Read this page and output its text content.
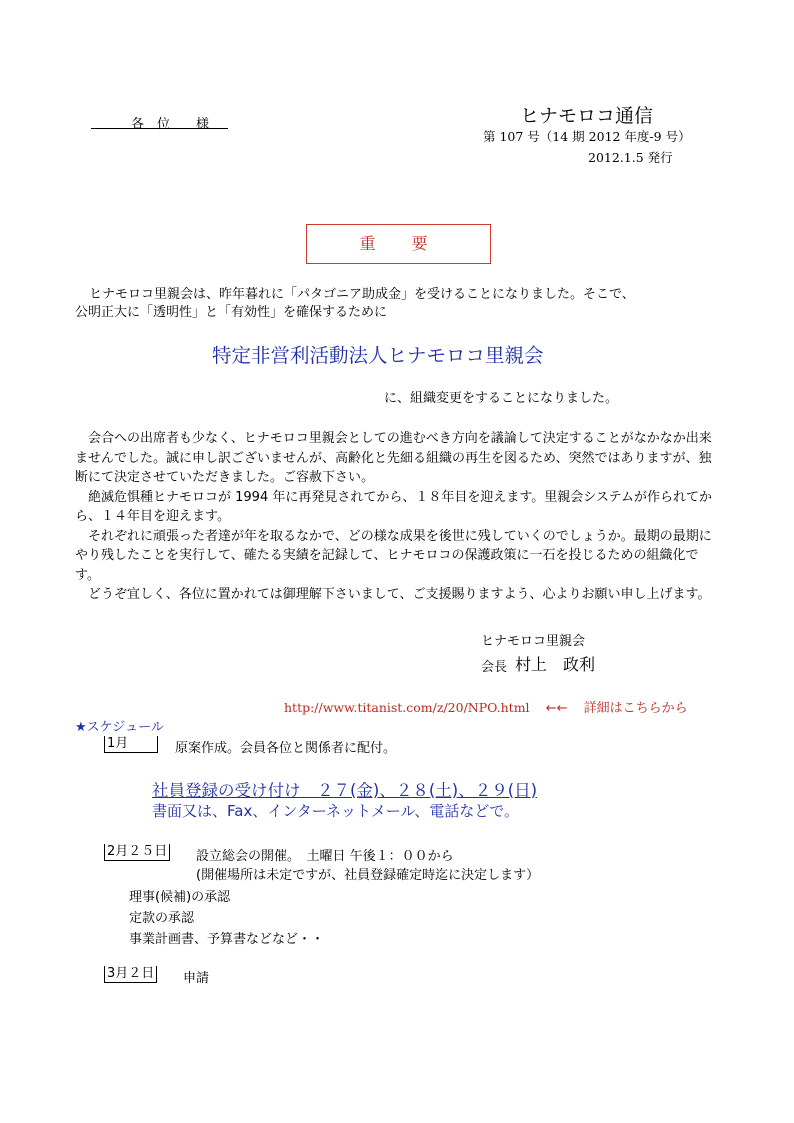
各　位　　様	ヒナモロコ通信
第 107 号（14 期 2012 年度-9 号）
2012.1.5 発行
重　要
ヒナモロコ里親会は、昨年暮れに「パタゴニア助成金」を受けることになりました。そこで、
公明正大に「透明性」と「有効性」を確保するために
特定非営利活動法人ヒナモロコ里親会
に、組織変更をすることになりました。

会合への出席者も少なく、ヒナモロコ里親会としての進むべき方向を議論して決定することがなかなか出来ませんでした。誠に申し訳ございませんが、高齢化と先細る組織の再生を図るため、突然ではありますが、独断にて決定させていただきました。ご容赦下さい。

絶滅危惧種ヒナモロコが 1994 年に再発見されてから、１８年目を迎えます。里親会システムが作られてから、１４年目を迎えます。

それぞれに頑張った者達が年を取るなかで、どの様な成果を後世に残していくのでしょうか。最期の最期にやり残したことを実行して、確たる実績を記録して、ヒナモロコの保護政策に一石を投じるための組織化です。

どうぞ宜しく、各位に置かれては御理解下さいまして、ご支援賜りますよう、心よりお願い申し上げます。

ヒナモロコ里親会
会長 村上　政利
http://www.titanist.com/z/20/NPO.html ←← 詳細はこちらから
★スケジュール
1月	原案作成。会員各位と関係者に配付。
社員登録の受け付け　２７(金)、２８(土)、２９(日)
書面又は、Fax、インターネットメール、電話などで。
2月２５日 設立総会の開催。　土曜日 午後１：００から
(開催場所は未定ですが、社員登録確定時迄に決定します）
理事(候補)の承認
定款の承認
事業計画書、予算書などなど・・
3月２日 申請
